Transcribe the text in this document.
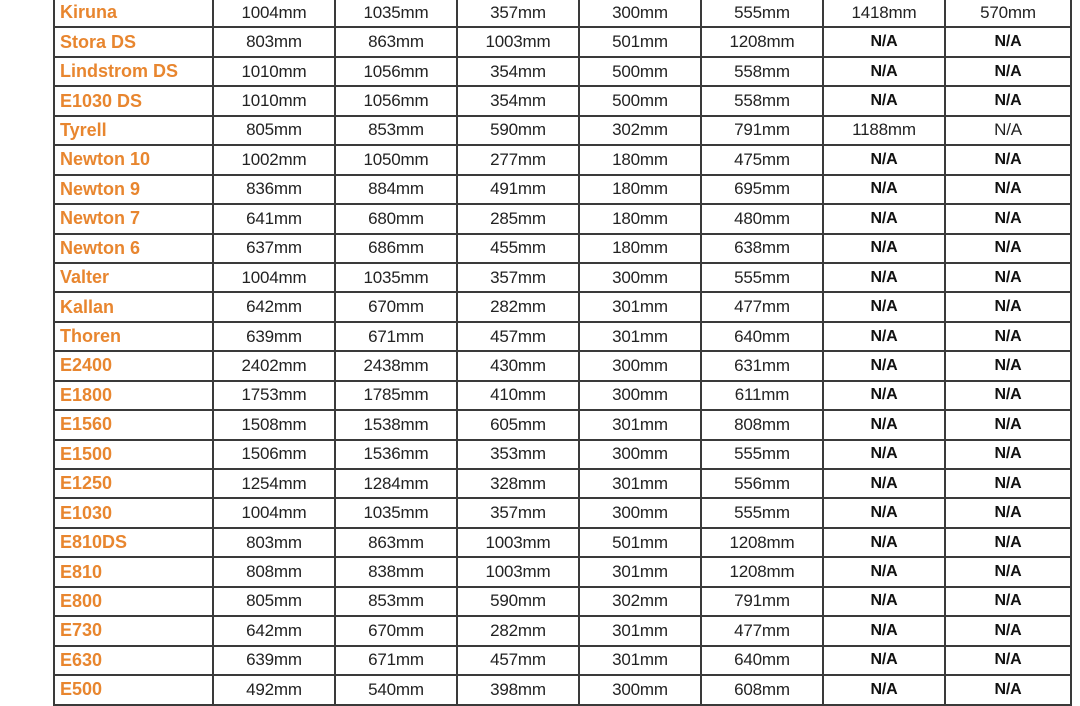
Kiruna	1004mm	1035mm	357mm	300mm	555mm	1418mm	570mm
Stora DS	803mm	863mm	1003mm	501mm	1208mm	N/A	N/A
Lindstrom DS	1010mm	1056mm	354mm	500mm	558mm	N/A	N/A
E1030 DS	1010mm	1056mm	354mm	500mm	558mm	N/A	N/A
Tyrell	805mm	853mm	590mm	302mm	791mm	1188mm	N/A
Newton 10	1002mm	1050mm	277mm	180mm	475mm	N/A	N/A
Newton 9	836mm	884mm	491mm	180mm	695mm	N/A	N/A
Newton 7	641mm	680mm	285mm	180mm	480mm	N/A	N/A
Newton 6	637mm	686mm	455mm	180mm	638mm	N/A	N/A
Valter	1004mm	1035mm	357mm	300mm	555mm	N/A	N/A
Kallan	642mm	670mm	282mm	301mm	477mm	N/A	N/A
Thoren	639mm	671mm	457mm	301mm	640mm	N/A	N/A
E2400	2402mm	2438mm	430mm	300mm	631mm	N/A	N/A
E1800	1753mm	1785mm	410mm	300mm	611mm	N/A	N/A
E1560	1508mm	1538mm	605mm	301mm	808mm	N/A	N/A
E1500	1506mm	1536mm	353mm	300mm	555mm	N/A	N/A
E1250	1254mm	1284mm	328mm	301mm	556mm	N/A	N/A
E1030	1004mm	1035mm	357mm	300mm	555mm	N/A	N/A
E810DS	803mm	863mm	1003mm	501mm	1208mm	N/A	N/A
E810	808mm	838mm	1003mm	301mm	1208mm	N/A	N/A
E800	805mm	853mm	590mm	302mm	791mm	N/A	N/A
E730	642mm	670mm	282mm	301mm	477mm	N/A	N/A
E630	639mm	671mm	457mm	301mm	640mm	N/A	N/A
E500	492mm	540mm	398mm	300mm	608mm	N/A	N/A
